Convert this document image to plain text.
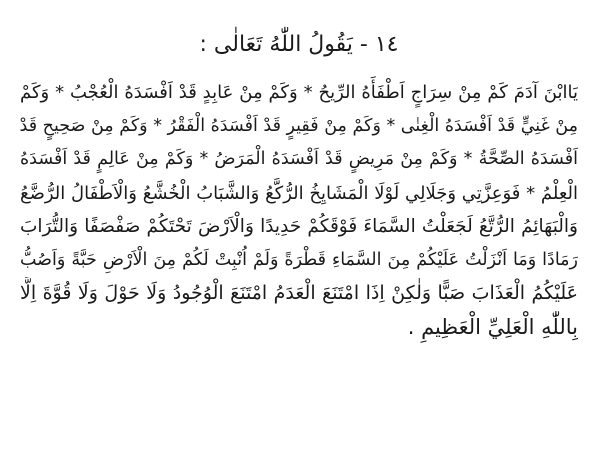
١٤ - يَقُولُ اللّٰهُ تَعَالٰى :

يَاابْنَ آدَمَ كَمْ مِنْ سِرَاجٍ اَطْفَأَهُ الرِّيحُ * وَكَمْ مِنْ عَابِدٍ قَدْ اَفْسَدَهُ الْعُجْبُ * وَكَمْ
مِنْ غَنِيٍّ قَدْ اَفْسَدَهُ الْغِنٰى * وَكَمْ مِنْ فَقِيرٍ قَدْ اَفْسَدَهُ الْفَقْرُ * وَكَمْ مِنْ صَحِيحٍ قَدْ
اَفْسَدَهُ الصِّحَّةُ * وَكَمْ مِنْ مَرِيضٍ قَدْ اَفْسَدَهُ الْمَرَضُ * وَكَمْ مِنْ عَالِمٍ قَدْ اَفْسَدَهُ
الْعِلْمُ * فَوَعِزَّتِي وَجَلَالِي لَوْلَا الْمَشَايِخُ الرُّكَّعُ وَالشَّبَابُ الْخُشَّعُ وَالْاَطْفَالُ الرُّضَّعُ
وَالْبَهَائِمُ الرُّتَّعُ لَجَعَلْتُ السَّمَاءَ فَوْقَكُمْ حَدِيدًا وَالْاَرْضَ تَحْتَكُمْ صَفْصَفًا وَالتُّرَابَ
رَمَادًا وَمَا اَنْزَلْتُ عَلَيْكُمْ مِنَ السَّمَاءِ قَطْرَةً وَلَمْ اُنْبِتْ لَكُمْ مِنَ الْاَرْضِ حَبَّةً وَاَصُبُّ
عَلَيْكُمُ الْعَذَابَ صَبًّا وَلٰكِنْ اِذَا امْتَنَعَ الْعَدَمُ امْتَنَعَ الْوُجُودُ وَلَا حَوْلَ وَلَا قُوَّةَ اِلَّا
بِاللّٰهِ الْعَلِيِّ الْعَظِيمِ .
